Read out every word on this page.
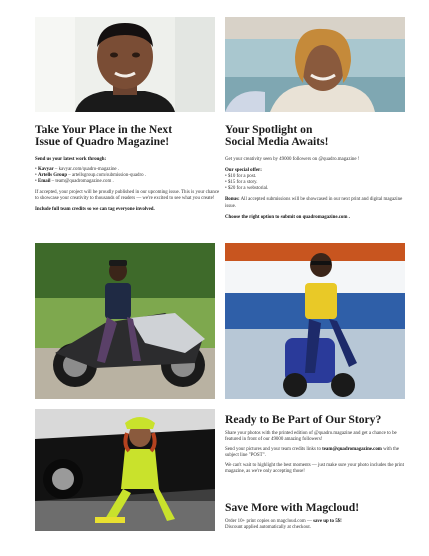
Take Your Place in the Next
Issue of Quadro Magazine!
Send us your latest work through:
• Kavyar – kavyar.com/quadro-magazine .
• Artells Group – artellsgroup.com/submission-quadro .
• Email – team@quadromagazine.com .
If accepted, your project will be proudly published in our upcoming issue. This is your chance to showcase your creativity to thousands of readers — we're excited to see what you create!
Include full team credits so we can tag everyone involved.
Your Spotlight on
Social Media Awaits!
Get your creativity seen by 49000 followers on @quadro.magazine !
Our special offer:
• $10 for a post.
• $15 for a story.
• $20 for a webstorial.
Bonus: All accepted submissions will be showcased in our next print and digital magazine issue.
Choose the right option to submit on quadromagazine.com .
Ready to Be Part of Our Story?
Share your photos with the printed edition of @quadro.magazine and get a chance to be featured in front of our 49000 amazing followers!
Send your pictures and your team credits links to team@quadromagazine.com with the subject line "POST".
We can't wait to highlight the best moments — just make sure your photo includes the print magazine, as we're only accepting those!
Save More with Magcloud!
Order 10+ print copies on magcloud.com — save up to 5$!
Discount applied automatically at checkout.
